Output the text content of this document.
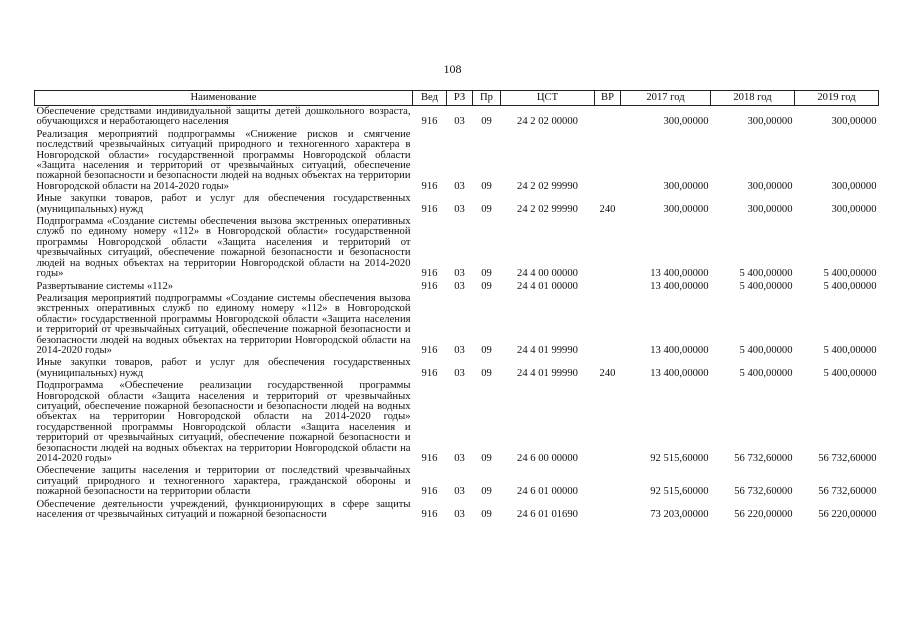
108
Наименование	Вед	РЗ	Пр	ЦСТ	ВР	2017 год	2018 год	2019 год
Обеспечение средствами индивидуальной защиты детей дошкольного возраста, обучающихся и неработающего населения	916	03	09	24 2 02 00000		300,00000	300,00000	300,00000
Реализация мероприятий подпрограммы «Снижение рисков и смягчение последствий чрезвычайных ситуаций природного и техногенного характера в Новгородской области» государственной программы Новгородской области «Защита населения и территорий от чрезвычайных ситуаций, обеспечение пожарной безопасности и безопасности людей на водных объектах на территории Новгородской области на 2014-2020 годы»	916	03	09	24 2 02 99990		300,00000	300,00000	300,00000
Иные закупки товаров, работ и услуг для обеспечения государственных (муниципальных) нужд	916	03	09	24 2 02 99990	240	300,00000	300,00000	300,00000
Подпрограмма «Создание системы обеспечения вызова экстренных оперативных служб по единому номеру «112» в Новгородской области» государственной программы Новгородской области «Защита населения и территорий от чрезвычайных ситуаций, обеспечение пожарной безопасности и безопасности людей на водных объектах на территории Новгородской области на 2014-2020 годы»	916	03	09	24 4 00 00000		13 400,00000	5 400,00000	5 400,00000
Развертывание системы «112»	916	03	09	24 4 01 00000		13 400,00000	5 400,00000	5 400,00000
Реализация мероприятий подпрограммы «Создание системы обеспечения вызова экстренных оперативных служб по единому номеру «112» в Новгородской области» государственной программы Новгородской области «Защита населения и территорий от чрезвычайных ситуаций, обеспечение пожарной безопасности и безопасности людей на водных объектах на территории Новгородской области на 2014-2020 годы»	916	03	09	24 4 01 99990		13 400,00000	5 400,00000	5 400,00000
Иные закупки товаров, работ и услуг для обеспечения государственных (муниципальных) нужд	916	03	09	24 4 01 99990	240	13 400,00000	5 400,00000	5 400,00000
Подпрограмма «Обеспечение реализации государственной программы Новгородской области «Защита населения и территорий от чрезвычайных ситуаций, обеспечение пожарной безопасности и безопасности людей на водных объектах на территории Новгородской области на 2014-2020 годы» государственной программы Новгородской области «Защита населения и территорий от чрезвычайных ситуаций, обеспечение пожарной безопасности и безопасности людей на водных объектах на территории Новгородской области на 2014-2020 годы»	916	03	09	24 6 00 00000		92 515,60000	56 732,60000	56 732,60000
Обеспечение защиты населения и территории от последствий чрезвычайных ситуаций природного и техногенного характера, гражданской обороны и пожарной безопасности на территории области	916	03	09	24 6 01 00000		92 515,60000	56 732,60000	56 732,60000
Обеспечение деятельности учреждений, функционирующих в сфере защиты населения от чрезвычайных ситуаций и пожарной безопасности	916	03	09	24 6 01 01690		73 203,00000	56 220,00000	56 220,00000
